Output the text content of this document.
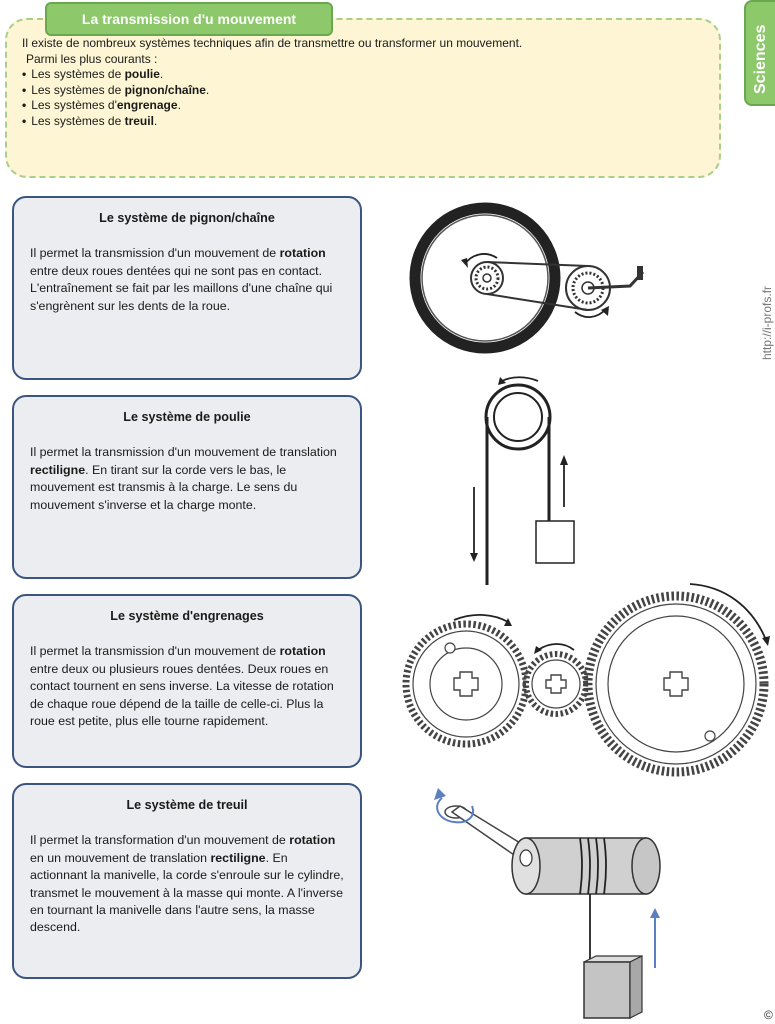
La transmission d'u mouvement

Il existe de nombreux systèmes techniques afin de transmettre ou transformer un mouvement.

Parmi les plus courants :

• Les systèmes de poulie.
• Les systèmes de pignon/chaîne.
• Les systèmes d'engrenage.
• Les systèmes de treuil.
Sciences
http://i-profs.fr
Le système de pignon/chaîne

Il permet la transmission d'un mouvement de rotation entre deux roues dentées qui ne sont pas en contact. L'entraînement se fait par les maillons d'une chaîne qui s'engrènent sur les dents de la roue.

Le système de poulie

Il permet la transmission d'un mouvement de translation rectiligne. En tirant sur la corde vers le bas, le mouvement est transmis à la charge. Le sens du mouvement s'inverse et la charge monte.

Le système d'engrenages

Il permet la transmission d'un mouvement de rotation entre deux ou plusieurs roues dentées. Deux roues en contact tournent en sens inverse. La vitesse de rotation de chaque roue dépend de la taille de celle-ci. Plus la roue est petite, plus elle tourne rapidement.

Le système de treuil

Il permet la transformation d'un mouvement de rotation en un mouvement de translation rectiligne. En actionnant la manivelle, la corde s'enroule sur le cylindre, transmet le mouvement à la masse qui monte. A l'inverse en tournant la manivelle dans l'autre sens, la masse descend.

©
